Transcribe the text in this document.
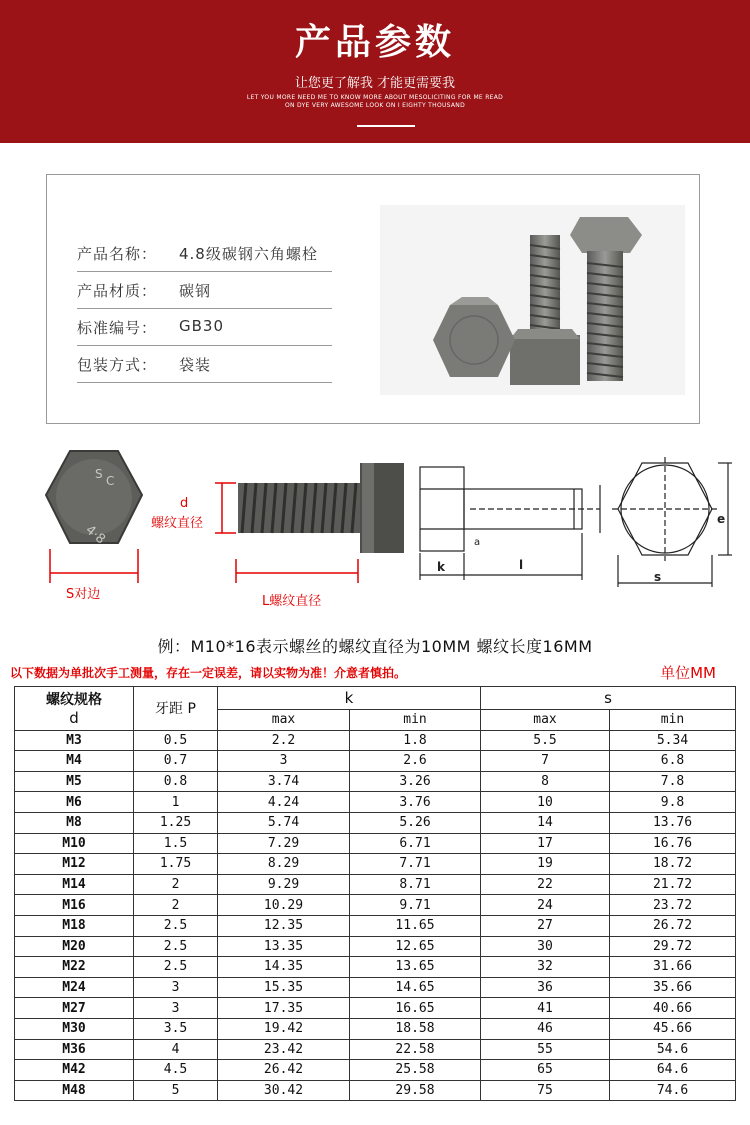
产品参数
让您更了解我 才能更需要我
LET YOU MORE NEED ME TO KNOW MORE ABOUT MESOLICITING FOR ME READ
ON DYE VERY AWESOME LOOK ON I EIGHTY THOUSAND
产品名称： 4.8级碳钢六角螺栓
产品材质： 碳钢
标准编号： GB30
包装方式： 袋装
4·8
C
S
S对边
d
螺纹直径
L螺纹直径
k	l
a
s
e
例：M10*16表示螺丝的螺纹直径为10MM 螺纹长度16MM
以下数据为单批次手工测量，存在一定误差，请以实物为准！介意者慎拍。	单位MM
螺纹规格
d	牙距 P	k		s	
		max	min	max	min
M3	0.5	2.2	1.8	5.5	5.34
M4	0.7	3	2.6	7	6.8
M5	0.8	3.74	3.26	8	7.8
M6	1	4.24	3.76	10	9.8
M8	1.25	5.74	5.26	14	13.76
M10	1.5	7.29	6.71	17	16.76
M12	1.75	8.29	7.71	19	18.72
M14	2	9.29	8.71	22	21.72
M16	2	10.29	9.71	24	23.72
M18	2.5	12.35	11.65	27	26.72
M20	2.5	13.35	12.65	30	29.72
M22	2.5	14.35	13.65	32	31.66
M24	3	15.35	14.65	36	35.66
M27	3	17.35	16.65	41	40.66
M30	3.5	19.42	18.58	46	45.66
M36	4	23.42	22.58	55	54.6
M42	4.5	26.42	25.58	65	64.6
M48	5	30.42	29.58	75	74.6
